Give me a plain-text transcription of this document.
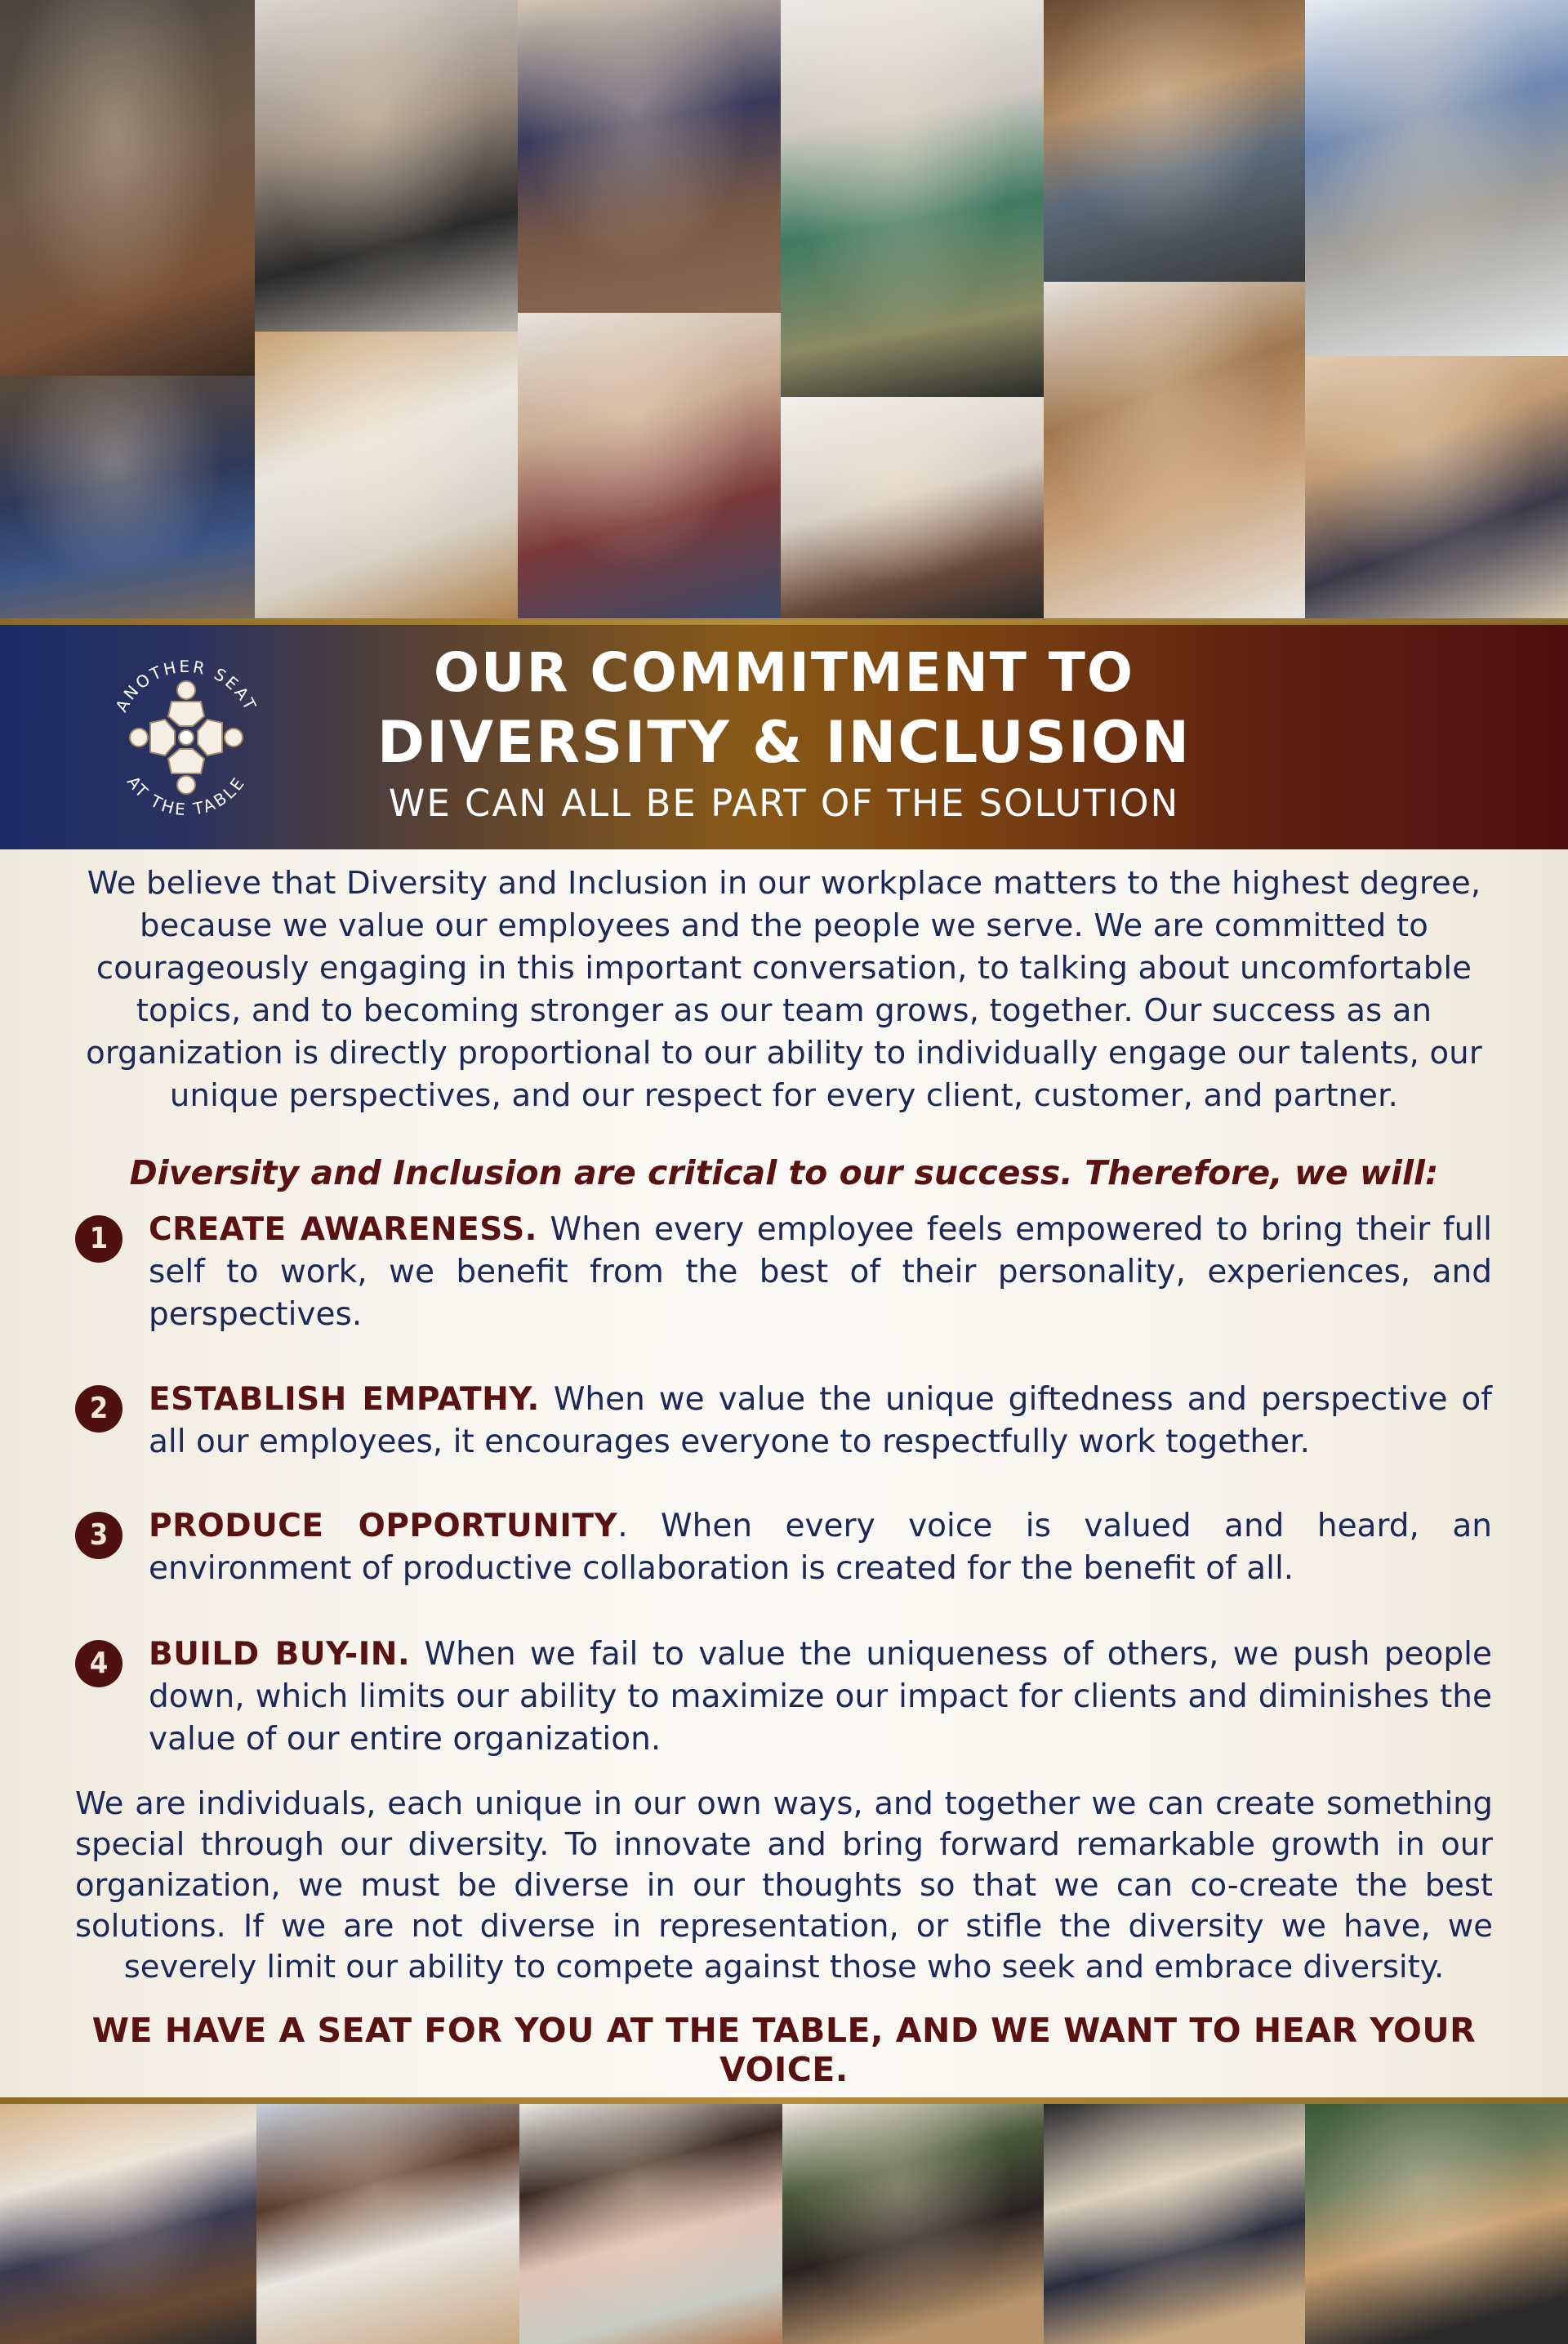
ANOTHER SEAT
AT THE TABLE
OUR COMMITMENT TO
DIVERSITY & INCLUSION
WE CAN ALL BE PART OF THE SOLUTION

We believe that Diversity and Inclusion in our workplace matters to the highest degree, because we value our employees and the people we serve. We are committed to courageously engaging in this important conversation, to talking about uncomfortable topics, and to becoming stronger as our team grows, together. Our success as an organization is directly proportional to our ability to individually engage our talents, our unique perspectives, and our respect for every client, customer, and partner.

Diversity and Inclusion are critical to our success. Therefore, we will:

1	CREATE AWARENESS. When every employee feels empowered to bring their full self to work, we benefit from the best of their personality, experiences, and perspectives.

2	ESTABLISH EMPATHY. When we value the unique giftedness and perspective of all our employees, it encourages everyone to respectfully work together.

3	PRODUCE OPPORTUNITY. When every voice is valued and heard, an environment of productive collaboration is created for the benefit of all.

4	BUILD BUY-IN. When we fail to value the uniqueness of others, we push people down, which limits our ability to maximize our impact for clients and diminishes the value of our entire organization.

We are individuals, each unique in our own ways, and together we can create something special through our diversity. To innovate and bring forward remarkable growth in our organization, we must be diverse in our thoughts so that we can co-create the best solutions. If we are not diverse in representation, or stifle the diversity we have, we severely limit our ability to compete against those who seek and embrace diversity.

WE HAVE A SEAT FOR YOU AT THE TABLE, AND WE WANT TO HEAR YOUR VOICE.
